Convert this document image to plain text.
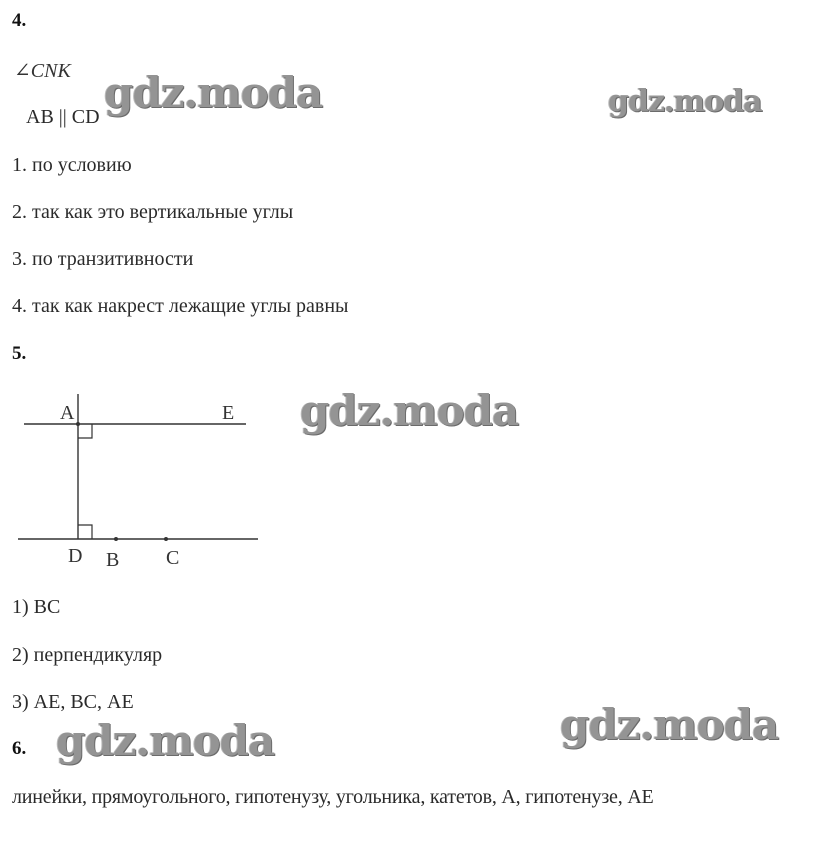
4.
∠CNK
AB || CD
1. по условию
2. так как это вертикальные углы
3. по транзитивности
4. так как накрест лежащие углы равны
5.
A	E
D B C
1) ВС
2) перпендикуляр
3) АЕ, ВС, АЕ
6.
линейки, прямоугольного, гипотенузу, угольника, катетов, А, гипотенузе, АЕ
gdz.moda	gdz.moda
gdz.moda
gdz.moda
gdz.moda
